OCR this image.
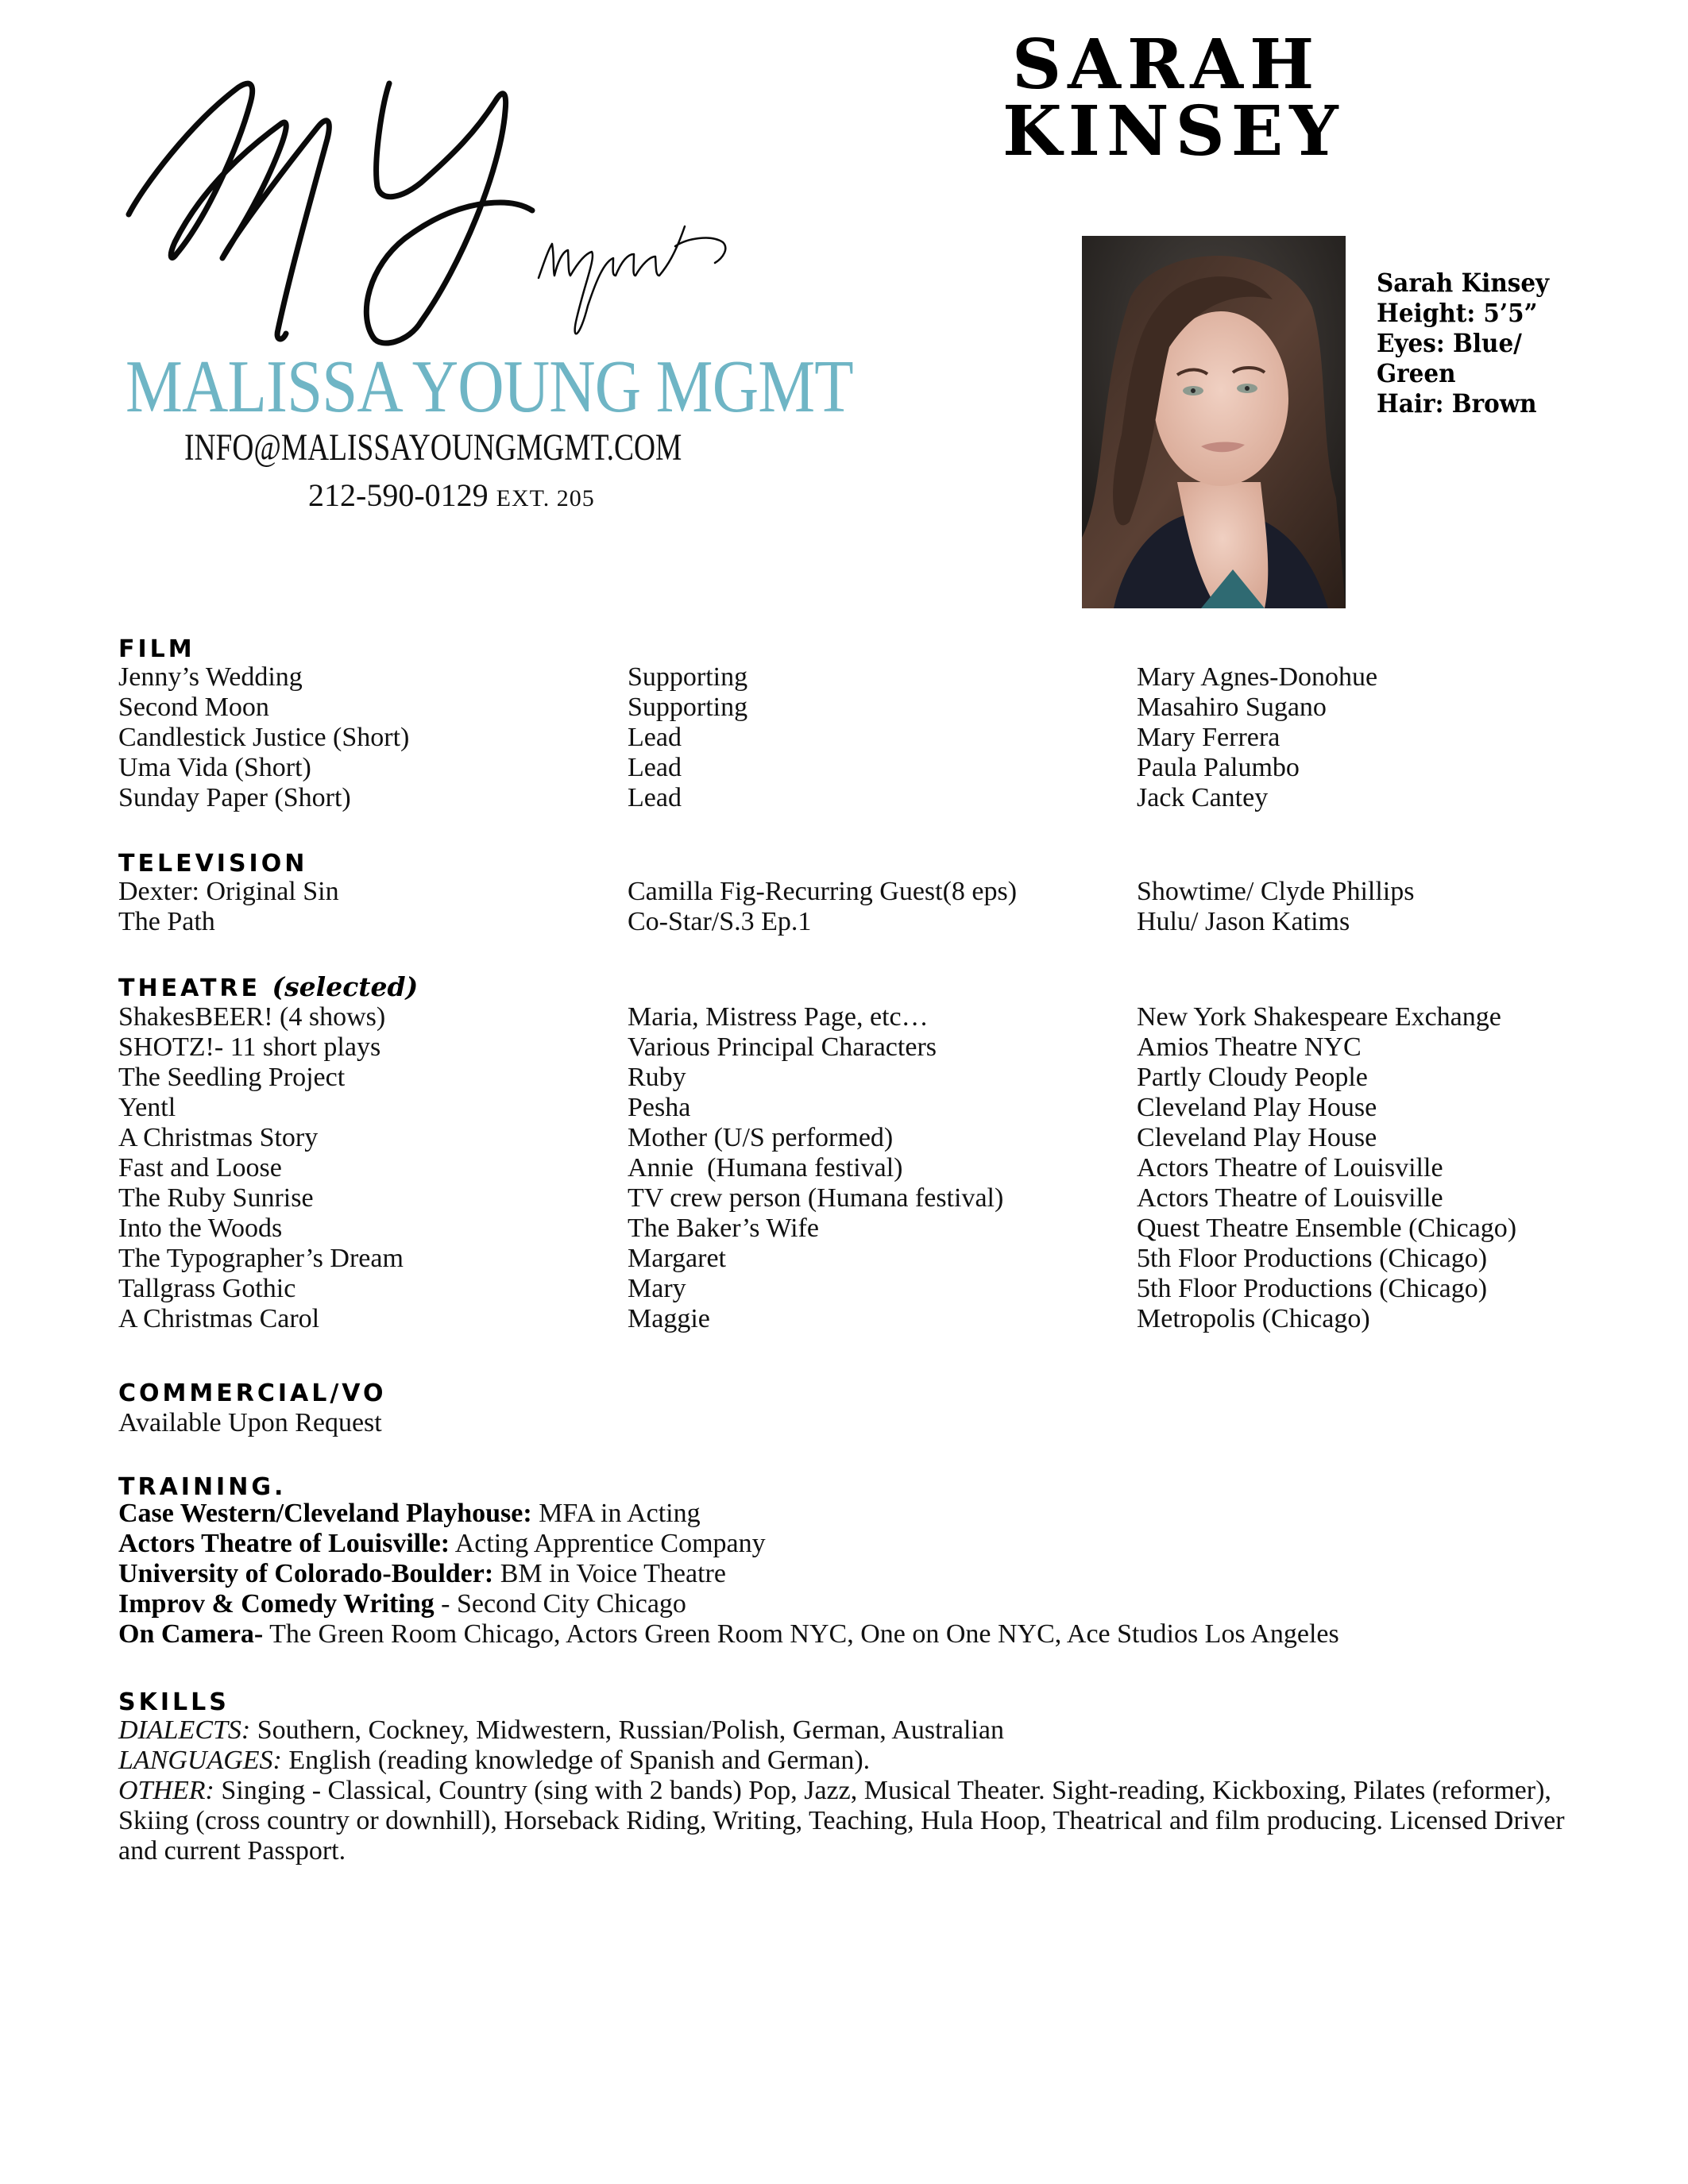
MALISSA YOUNG MGMT
INFO@MALISSAYOUNGMGMT.COM
212-590-0129 EXT. 205
SARAH
KINSEY
Sarah Kinsey
Height: 5’5”
Eyes: Blue/
Green
Hair: Brown
FILM
Jenny’s Wedding	Supporting	Mary Agnes-Donohue
Second Moon	Supporting	Masahiro Sugano
Candlestick Justice (Short)	Lead	Mary Ferrera
Uma Vida (Short)	Lead	Paula Palumbo
Sunday Paper (Short)	Lead	Jack Cantey
TELEVISION
Dexter: Original Sin	Camilla Fig-Recurring Guest(8 eps)	Showtime/ Clyde Phillips
The Path	Co-Star/S.3 Ep.1	Hulu/ Jason Katims
THEATRE (selected)
ShakesBEER! (4 shows)	Maria, Mistress Page, etc…	New York Shakespeare Exchange
SHOTZ!- 11 short plays	Various Principal Characters	Amios Theatre NYC
The Seedling Project	Ruby	Partly Cloudy People
Yentl	Pesha	Cleveland Play House
A Christmas Story	Mother (U/S performed)	Cleveland Play House
Fast and Loose	Annie  (Humana festival)	Actors Theatre of Louisville
The Ruby Sunrise	TV crew person (Humana festival)	Actors Theatre of Louisville
Into the Woods	The Baker’s Wife	Quest Theatre Ensemble (Chicago)
The Typographer’s Dream	Margaret	5th Floor Productions (Chicago)
Tallgrass Gothic	Mary	5th Floor Productions (Chicago)
A Christmas Carol	Maggie	Metropolis (Chicago)
COMMERCIAL/VO
Available Upon Request
TRAINING.
Case Western/Cleveland Playhouse: MFA in Acting
Actors Theatre of Louisville: Acting Apprentice Company
University of Colorado-Boulder: BM in Voice Theatre
Improv & Comedy Writing - Second City Chicago
On Camera- The Green Room Chicago, Actors Green Room NYC, One on One NYC, Ace Studios Los Angeles
SKILLS
DIALECTS: Southern, Cockney, Midwestern, Russian/Polish, German, Australian
LANGUAGES: English (reading knowledge of Spanish and German).
OTHER: Singing - Classical, Country (sing with 2 bands) Pop, Jazz, Musical Theater. Sight-reading, Kickboxing, Pilates (reformer), Skiing (cross country or downhill), Horseback Riding, Writing, Teaching, Hula Hoop, Theatrical and film producing. Licensed Driver and current Passport.
